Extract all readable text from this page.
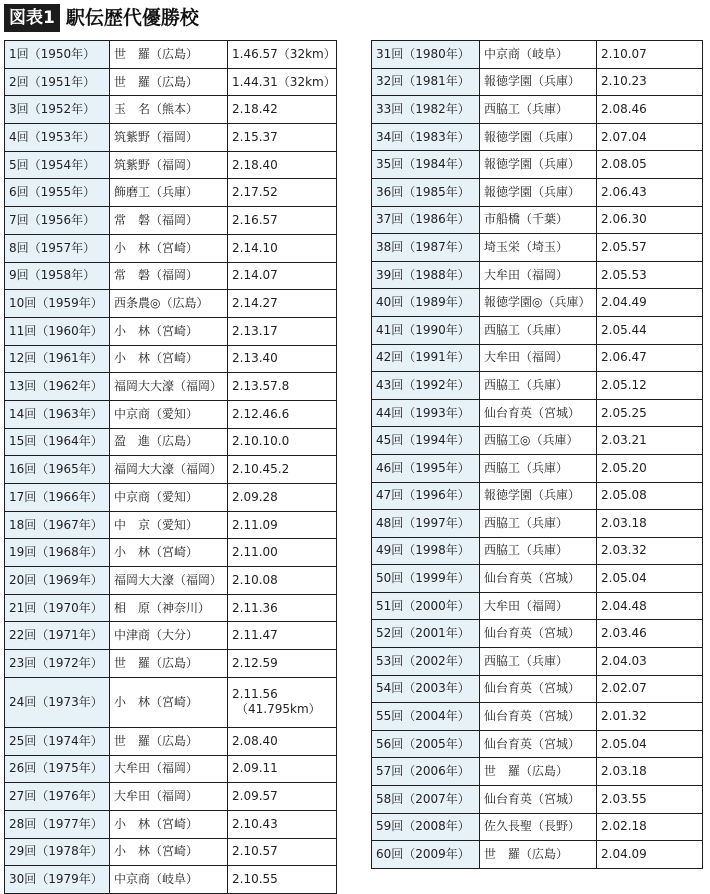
図表1 駅伝歴代優勝校
1回（1950年）	世　羅（広島）	1.46.57（32km）
2回（1951年）	世　羅（広島）	1.44.31（32km）
3回（1952年）	玉　名（熊本）	2.18.42
4回（1953年）	筑紫野（福岡）	2.15.37
5回（1954年）	筑紫野（福岡）	2.18.40
6回（1955年）	飾磨工（兵庫）	2.17.52
7回（1956年）	常　磐（福岡）	2.16.57
8回（1957年）	小　林（宮崎）	2.14.10
9回（1958年）	常　磐（福岡）	2.14.07
10回（1959年）	西条農◎（広島）	2.14.27
11回（1960年）	小　林（宮崎）	2.13.17
12回（1961年）	小　林（宮崎）	2.13.40
13回（1962年）	福岡大大濠（福岡）	2.13.57.8
14回（1963年）	中京商（愛知）	2.12.46.6
15回（1964年）	盈　進（広島）	2.10.10.0
16回（1965年）	福岡大大濠（福岡）	2.10.45.2
17回（1966年）	中京商（愛知）	2.09.28
18回（1967年）	中　京（愛知）	2.11.09
19回（1968年）	小　林（宮崎）	2.11.00
20回（1969年）	福岡大大濠（福岡）	2.10.08
21回（1970年）	相　原（神奈川）	2.11.36
22回（1971年）	中津商（大分）	2.11.47
23回（1972年）	世　羅（広島）	2.12.59
24回（1973年）	小　林（宮崎）	2.11.56
（41.795km）

25回（1974年）	世　羅（広島）	2.08.40
26回（1975年）	大牟田（福岡）	2.09.11
27回（1976年）	大牟田（福岡）	2.09.57
28回（1977年）	小　林（宮崎）	2.10.43
29回（1978年）	小　林（宮崎）	2.10.57
30回（1979年）	中京商（岐阜）	2.10.55
31回（1980年）	中京商（岐阜）	2.10.07
32回（1981年）	報徳学園（兵庫）	2.10.23
33回（1982年）	西脇工（兵庫）	2.08.46
34回（1983年）	報徳学園（兵庫）	2.07.04
35回（1984年）	報徳学園（兵庫）	2.08.05
36回（1985年）	報徳学園（兵庫）	2.06.43
37回（1986年）	市船橋（千葉）	2.06.30
38回（1987年）	埼玉栄（埼玉）	2.05.57
39回（1988年）	大牟田（福岡）	2.05.53
40回（1989年）	報徳学園◎（兵庫）	2.04.49
41回（1990年）	西脇工（兵庫）	2.05.44
42回（1991年）	大牟田（福岡）	2.06.47
43回（1992年）	西脇工（兵庫）	2.05.12
44回（1993年）	仙台育英（宮城）	2.05.25
45回（1994年）	西脇工◎（兵庫）	2.03.21
46回（1995年）	西脇工（兵庫）	2.05.20
47回（1996年）	報徳学園（兵庫）	2.05.08
48回（1997年）	西脇工（兵庫）	2.03.18
49回（1998年）	西脇工（兵庫）	2.03.32
50回（1999年）	仙台育英（宮城）	2.05.04
51回（2000年）	大牟田（福岡）	2.04.48
52回（2001年）	仙台育英（宮城）	2.03.46
53回（2002年）	西脇工（兵庫）	2.04.03
54回（2003年）	仙台育英（宮城）	2.02.07
55回（2004年）	仙台育英（宮城）	2.01.32
56回（2005年）	仙台育英（宮城）	2.05.04
57回（2006年）	世　羅（広島）	2.03.18
58回（2007年）	仙台育英（宮城）	2.03.55
59回（2008年）	佐久長聖（長野）	2.02.18
60回（2009年）	世　羅（広島）	2.04.09
